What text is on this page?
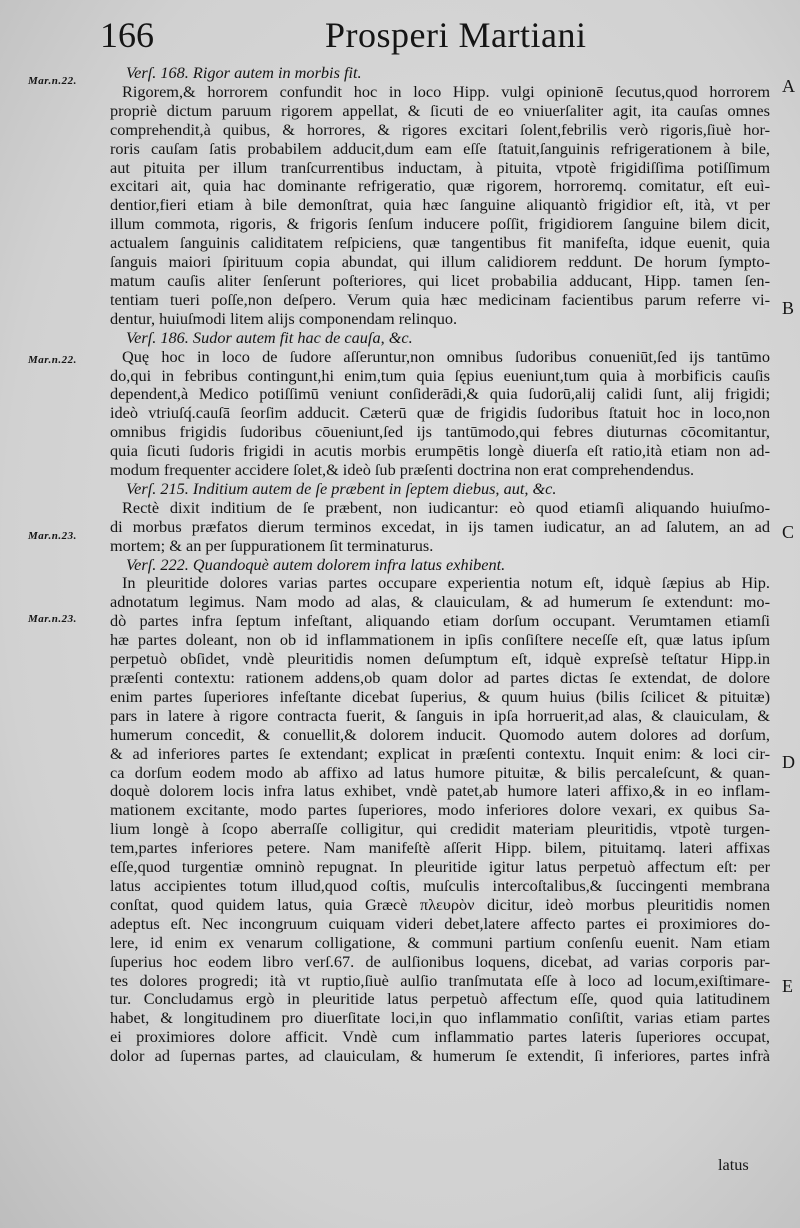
166	Prosperi Martiani
Mar.n.22.
Mar.n.22.
Mar.n.23.
Mar.n.23.
A
B
C
D
E
Verſ. 168. Rigor autem in morbis fit.
Rigorem,& horrorem confundit hoc in loco Hipp. vulgi opinionē ſecutus,quod horrorem
propriè dictum paruum rigorem appellat, & ſicuti de eo vniuerſaliter agit, ita cauſas omnes
comprehendit,à quibus, & horrores, & rigores excitari ſolent,febrilis verò rigoris,ſiuè hor-
roris cauſam ſatis probabilem adducit,dum eam eſſe ſtatuit,ſanguinis refrigerationem à bile,
aut pituita per illum tranſcurrentibus inductam, à pituita, vtpotè frigidiſſima potiſſimum
excitari ait, quia hac dominante refrigeratio, quæ rigorem, horroremq. comitatur, eſt euì-
dentior,fieri etiam à bile demonſtrat, quia hæc ſanguine aliquantò frigidior eſt, ità, vt per
illum commota, rigoris, & frigoris ſenſum inducere poſſit, frigidiorem ſanguine bilem dicit,
actualem ſanguinis caliditatem reſpiciens, quæ tangentibus fit manifeſta, idque euenit, quia
ſanguis maiori ſpirituum copia abundat, qui illum calidiorem reddunt. De horum ſympto-
matum cauſis aliter ſenſerunt poſteriores, qui licet probabilia adducant, Hipp. tamen ſen-
tentiam tueri poſſe,non deſpero. Verum quia hæc medicinam facientibus parum referre vi-
dentur, huiuſmodi litem alijs componendam relinquo.
Verſ. 186. Sudor autem fit hac de cauſa, &c.
Quę hoc in loco de ſudore aſſeruntur,non omnibus ſudoribus conueniūt,ſed ijs tantūmo
do,qui in febribus contingunt,hi enim,tum quia ſępius eueniunt,tum quia à morbificis cauſis
dependent,à Medico potiſſimū veniunt conſiderādi,& quia ſudorū,alij calidi ſunt, alij frigidi;
ideò vtriuſq́.cauſā ſeorſim adducit. Cæterū quæ de frigidis ſudoribus ſtatuit hoc in loco,non
omnibus frigidis ſudoribus cōueniunt,ſed ijs tantūmodo,qui febres diuturnas cōcomitantur,
quia ſicuti ſudoris frigidi in acutis morbis erumpētis longè diuerſa eſt ratio,ità etiam non ad-
modum frequenter accidere ſolet,& ideò ſub præſenti doctrina non erat comprehendendus.
Verſ. 215. Inditium autem de ſe præbent in ſeptem diebus, aut, &c.
Rectè dixit inditium de ſe præbent, non iudicantur: eò quod etiamſi aliquando huiuſmo-
di morbus præfatos dierum terminos excedat, in ijs tamen iudicatur, an ad ſalutem, an ad
mortem; & an per ſuppurationem ſit terminaturus.
Verſ. 222. Quandoquè autem dolorem infra latus exhibent.
In pleuritide dolores varias partes occupare experientia notum eſt, idquè ſæpius ab Hip.
adnotatum legimus. Nam modo ad alas, & clauiculam, & ad humerum ſe extendunt: mo-
dò partes infra ſeptum infeſtant, aliquando etiam dorſum occupant. Verumtamen etiamſi
hæ partes doleant, non ob id inflammationem in ipſis conſiſtere neceſſe eſt, quæ latus ipſum
perpetuò obſidet, vndè pleuritidis nomen deſumptum eſt, idquè expreſsè teſtatur Hipp.in
præſenti contextu: rationem addens,ob quam dolor ad partes dictas ſe extendat, de dolore
enim partes ſuperiores infeſtante dicebat ſuperius, & quum huius (bilis ſcilicet & pituitæ)
pars in latere à rigore contracta fuerit, & ſanguis in ipſa horruerit,ad alas, & clauiculam, &
humerum concedit, & conuellit,& dolorem inducit. Quomodo autem dolores ad dorſum,
& ad inferiores partes ſe extendant; explicat in præſenti contextu. Inquit enim: & loci cir-
ca dorſum eodem modo ab affixo ad latus humore pituitæ, & bilis percaleſcunt, & quan-
doquè dolorem locis infra latus exhibet, vndè patet,ab humore lateri affixo,& in eo inflam-
mationem excitante, modo partes ſuperiores, modo inferiores dolore vexari, ex quibus Sa-
lium longè à ſcopo aberraſſe colligitur, qui credidit materiam pleuritidis, vtpotè turgen-
tem,partes inferiores petere. Nam manifeſtè aſſerit Hipp. bilem, pituitamq. lateri affixas
eſſe,quod turgentiæ omninò repugnat. In pleuritide igitur latus perpetuò affectum eſt: per
latus accipientes totum illud,quod coſtis, muſculis intercoſtalibus,& ſuccingenti membrana
conſtat, quod quidem latus, quia Græcè πλευρὸν dicitur, ideò morbus pleuritidis nomen
adeptus eſt. Nec incongruum cuiquam videri debet,latere affecto partes ei proximiores do-
lere, id enim ex venarum colligatione, & communi partium conſenſu euenit. Nam etiam
ſuperius hoc eodem libro verſ.67. de aulſionibus loquens, dicebat, ad varias corporis par-
tes dolores progredi; ità vt ruptio,ſiuè aulſio tranſmutata eſſe à loco ad locum,exiſtimare-
tur. Concludamus ergò in pleuritide latus perpetuò affectum eſſe, quod quia latitudinem
habet, & longitudinem pro diuerſitate loci,in quo inflammatio conſiſtit, varias etiam partes
ei proximiores dolore afficit. Vndè cum inflammatio partes lateris ſuperiores occupat,
dolor ad ſupernas partes, ad clauiculam, & humerum ſe extendit, ſi inferiores, partes infrà
latus
